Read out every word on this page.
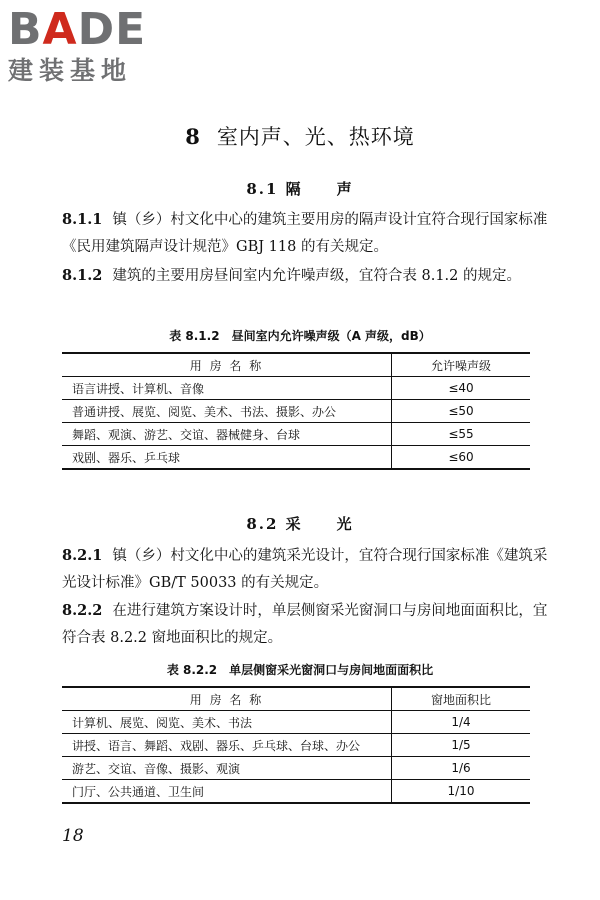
BADE
建装基地
8 室内声、光、热环境
8.1 隔　　声

8.1.1 镇（乡）村文化中心的建筑主要用房的隔声设计宜符合现行国家标准《民用建筑隔声设计规范》GBJ 118 的有关规定。

8.1.2 建筑的主要用房昼间室内允许噪声级，宜符合表 8.1.2 的规定。

表 8.1.2　昼间室内允许噪声级（A 声级，dB）
用 房 名 称	允许噪声级
语言讲授、计算机、音像	≤40
普通讲授、展览、阅览、美术、书法、摄影、办公	≤50
舞蹈、观演、游艺、交谊、器械健身、台球	≤55
戏剧、器乐、乒乓球	≤60
8.2 采　　光

8.2.1 镇（乡）村文化中心的建筑采光设计，宜符合现行国家标准《建筑采光设计标准》GB/T 50033 的有关规定。

8.2.2 在进行建筑方案设计时，单层侧窗采光窗洞口与房间地面面积比，宜符合表 8.2.2 窗地面积比的规定。

表 8.2.2　单层侧窗采光窗洞口与房间地面面积比
用 房 名 称	窗地面积比
计算机、展览、阅览、美术、书法	1/4
讲授、语言、舞蹈、戏剧、器乐、乒乓球、台球、办公	1/5
游艺、交谊、音像、摄影、观演	1/6
门厅、公共通道、卫生间	1/10
18
